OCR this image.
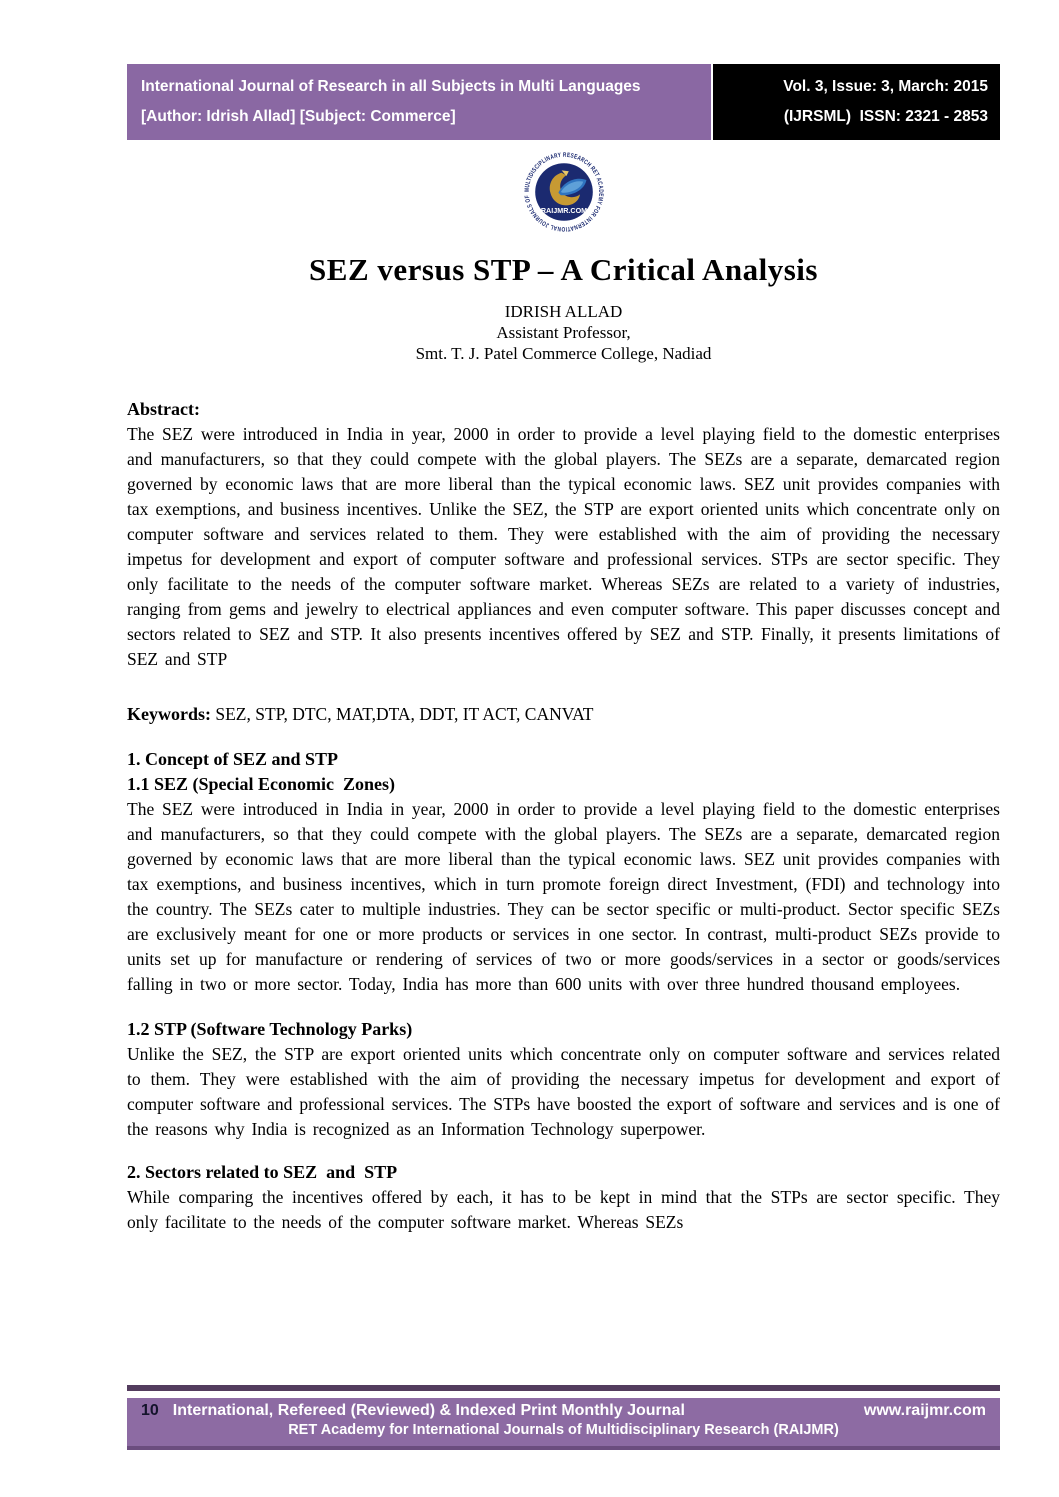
International Journal of Research in all Subjects in Multi Languages
[Author: Idrish Allad] [Subject: Commerce]
Vol. 3, Issue: 3, March: 2015
(IJRSML)  ISSN: 2321 - 2853
MULTIDISCIPLINARY RESEARCH RET ACADEMY FOR INTERNATIONAL JOURNALS OF
RAIJMR.COM
SEZ versus STP – A Critical Analysis
IDRISH ALLAD
Assistant Professor,
Smt. T. J. Patel Commerce College, Nadiad
Abstract:

The SEZ were introduced in India in year, 2000 in order to provide a level playing field to the domestic enterprises and manufacturers, so that they could compete with the global players. The SEZs are a separate, demarcated region governed by economic laws that are more liberal than the typical economic laws. SEZ unit provides companies with tax exemptions, and business incentives. Unlike the SEZ, the STP are export oriented units which concentrate only on computer software and services related to them. They were established with the aim of providing the necessary impetus for development and export of computer software and professional services. STPs are sector specific. They only facilitate to the needs of the computer software market. Whereas SEZs are related to a variety of industries, ranging from gems and jewelry to electrical appliances and even computer software. This paper discusses concept and sectors related to SEZ and STP. It also presents incentives offered by SEZ and STP. Finally, it presents limitations of SEZ and STP

Keywords: SEZ, STP, DTC, MAT,DTA, DDT, IT ACT, CANVAT
1. Concept of SEZ and STP
1.1 SEZ (Special Economic  Zones)

The SEZ were introduced in India in year, 2000 in order to provide a level playing field to the domestic enterprises and manufacturers, so that they could compete with the global players. The SEZs are a separate, demarcated region governed by economic laws that are more liberal than the typical economic laws. SEZ unit provides companies with tax exemptions, and business incentives, which in turn promote foreign direct Investment, (FDI) and technology into the country. The SEZs cater to multiple industries. They can be sector specific or multi-product. Sector specific SEZs are exclusively meant for one or more products or services in one sector. In contrast, multi-product SEZs provide to units set up for manufacture or rendering of services of two or more goods/services in a sector or goods/services falling in two or more sector. Today, India has more than 600 units with over three hundred thousand employees.

1.2 STP (Software Technology Parks)

Unlike the SEZ, the STP are export oriented units which concentrate only on computer software and services related to them. They were established with the aim of providing the necessary impetus for development and export of computer software and professional services. The STPs have boosted the export of software and services and is one of the reasons why India is recognized as an Information Technology superpower.

2. Sectors related to SEZ  and  STP

While comparing the incentives offered by each, it has to be kept in mind that the STPs are sector specific. They only facilitate to the needs of the computer software market. Whereas SEZs

10 International, Refereed (Reviewed) & Indexed Print Monthly Journal	www.raijmr.com
RET Academy for International Journals of Multidisciplinary Research (RAIJMR)
